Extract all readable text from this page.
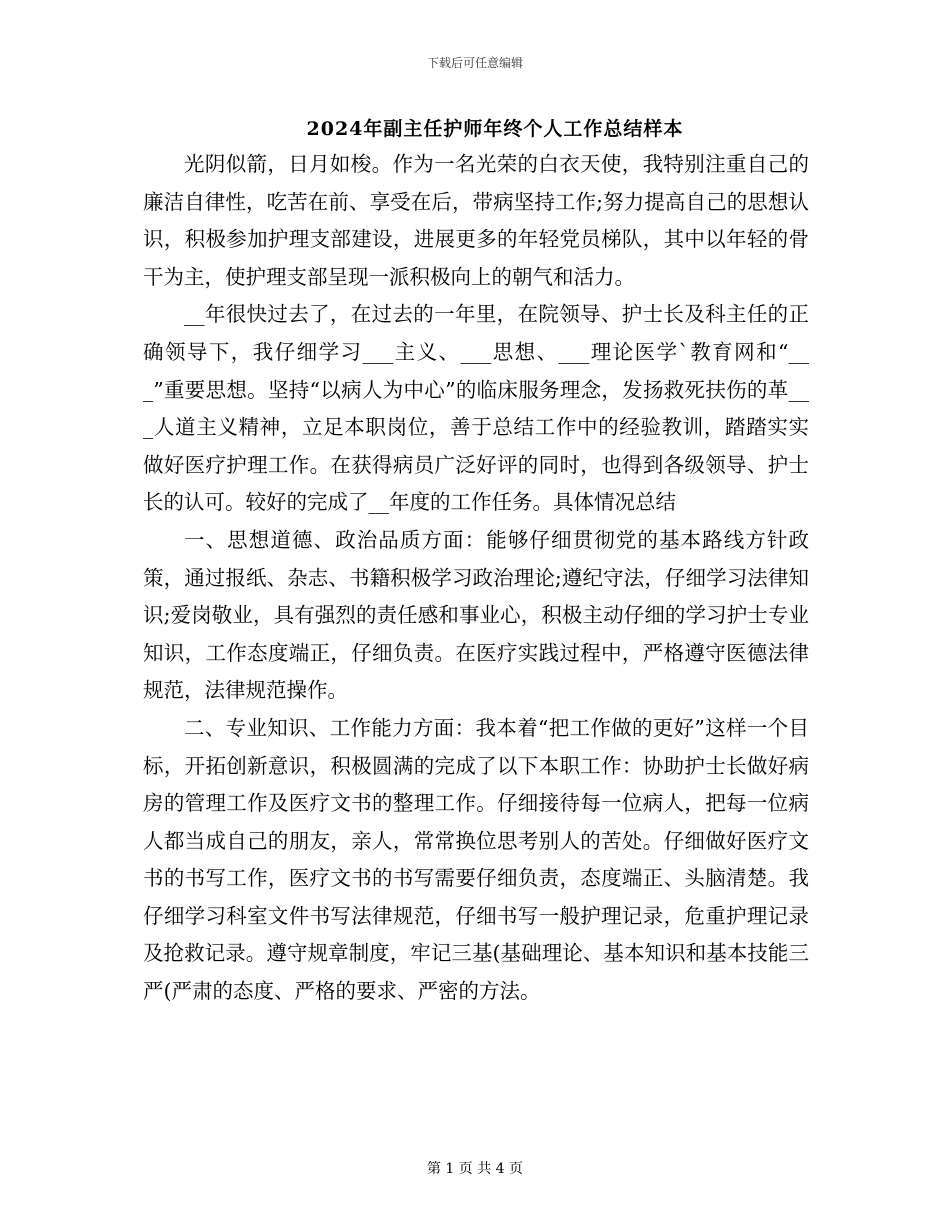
下载后可任意编辑
2024年副主任护师年终个人工作总结样本

光阴似箭，日月如梭。作为一名光荣的白衣天使，我特别注重自己的廉洁自律性，吃苦在前、享受在后，带病坚持工作;努力提高自己的思想认识，积极参加护理支部建设，进展更多的年轻党员梯队，其中以年轻的骨干为主，使护理支部呈现一派积极向上的朝气和活力。

__年很快过去了，在过去的一年里，在院领导、护士长及科主任的正确领导下，我仔细学习___主义、___思想、___理论医学`教育网和“___”重要思想。坚持“以病人为中心”的临床服务理念，发扬救死扶伤的革___人道主义精神，立足本职岗位，善于总结工作中的经验教训，踏踏实实做好医疗护理工作。在获得病员广泛好评的同时，也得到各级领导、护士长的认可。较好的完成了__年度的工作任务。具体情况总结

一、思想道德、政治品质方面：能够仔细贯彻党的基本路线方针政策，通过报纸、杂志、书籍积极学习政治理论;遵纪守法，仔细学习法律知识;爱岗敬业，具有强烈的责任感和事业心，积极主动仔细的学习护士专业知识，工作态度端正，仔细负责。在医疗实践过程中，严格遵守医德法律规范，法律规范操作。

二、专业知识、工作能力方面：我本着“把工作做的更好”这样一个目标，开拓创新意识，积极圆满的完成了以下本职工作：协助护士长做好病房的管理工作及医疗文书的整理工作。仔细接待每一位病人，把每一位病人都当成自己的朋友，亲人，常常换位思考别人的苦处。仔细做好医疗文书的书写工作，医疗文书的书写需要仔细负责，态度端正、头脑清楚。我仔细学习科室文件书写法律规范，仔细书写一般护理记录，危重护理记录及抢救记录。遵守规章制度，牢记三基(基础理论、基本知识和基本技能三严(严肃的态度、严格的要求、严密的方法。

第 1 页 共 4 页
